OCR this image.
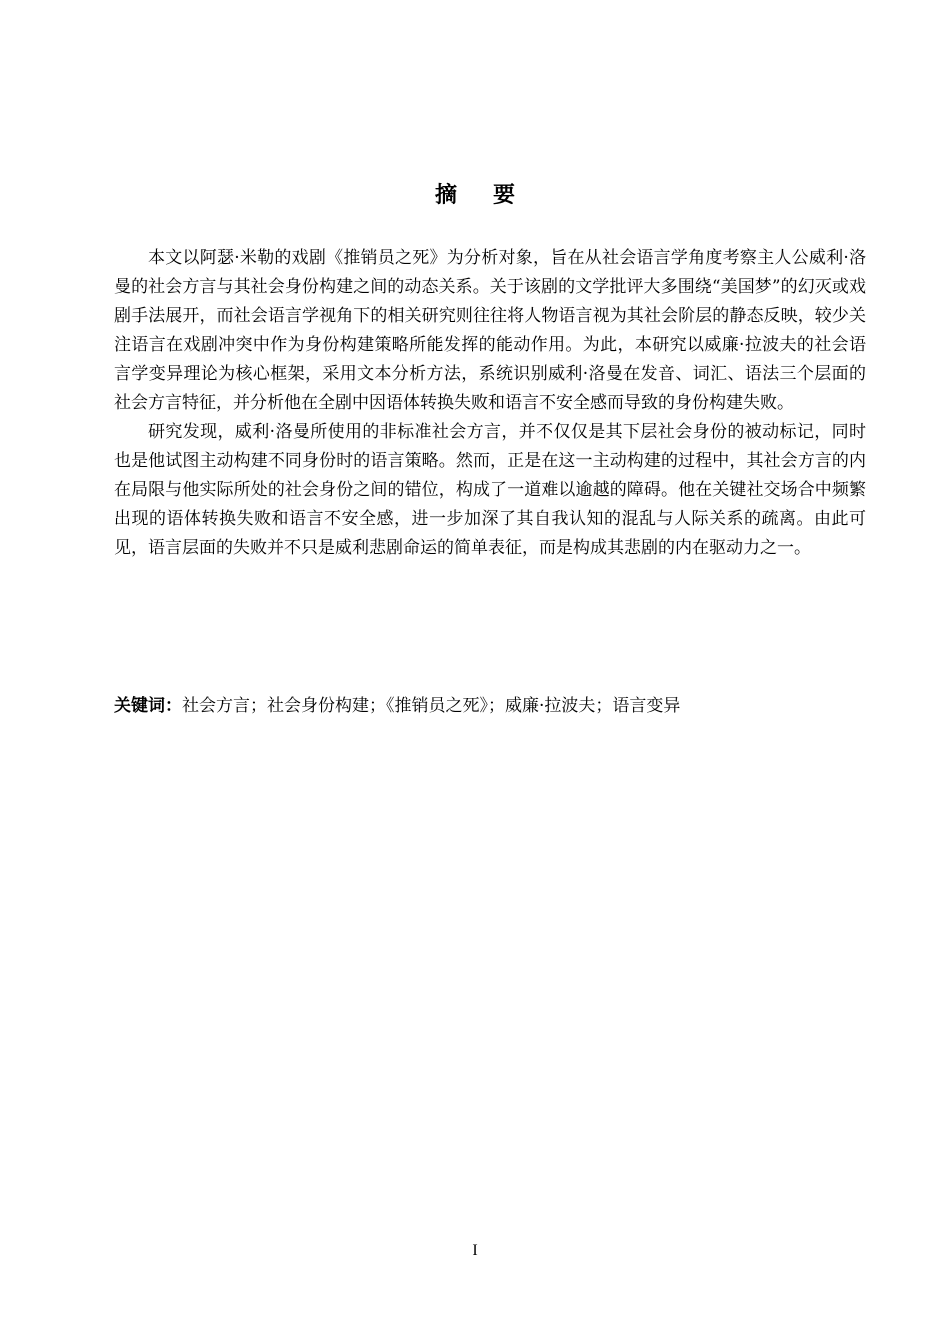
摘要

本文以阿瑟·米勒的戏剧《推销员之死》为分析对象，旨在从社会语言学角度考察主人公威利·洛曼的社会方言与其社会身份构建之间的动态关系。关于该剧的文学批评大多围绕“美国梦”的幻灭或戏剧手法展开，而社会语言学视角下的相关研究则往往将人物语言视为其社会阶层的静态反映，较少关注语言在戏剧冲突中作为身份构建策略所能发挥的能动作用。为此，本研究以威廉·拉波夫的社会语言学变异理论为核心框架，采用文本分析方法，系统识别威利·洛曼在发音、词汇、语法三个层面的社会方言特征，并分析他在全剧中因语体转换失败和语言不安全感而导致的身份构建失败。

研究发现，威利·洛曼所使用的非标准社会方言，并不仅仅是其下层社会身份的被动标记，同时也是他试图主动构建不同身份时的语言策略。然而，正是在这一主动构建的过程中，其社会方言的内在局限与他实际所处的社会身份之间的错位，构成了一道难以逾越的障碍。他在关键社交场合中频繁出现的语体转换失败和语言不安全感，进一步加深了其自我认知的混乱与人际关系的疏离。由此可见，语言层面的失败并不只是威利悲剧命运的简单表征，而是构成其悲剧的内在驱动力之一。

关键词：社会方言；社会身份构建；《推销员之死》；威廉·拉波夫；语言变异
I
